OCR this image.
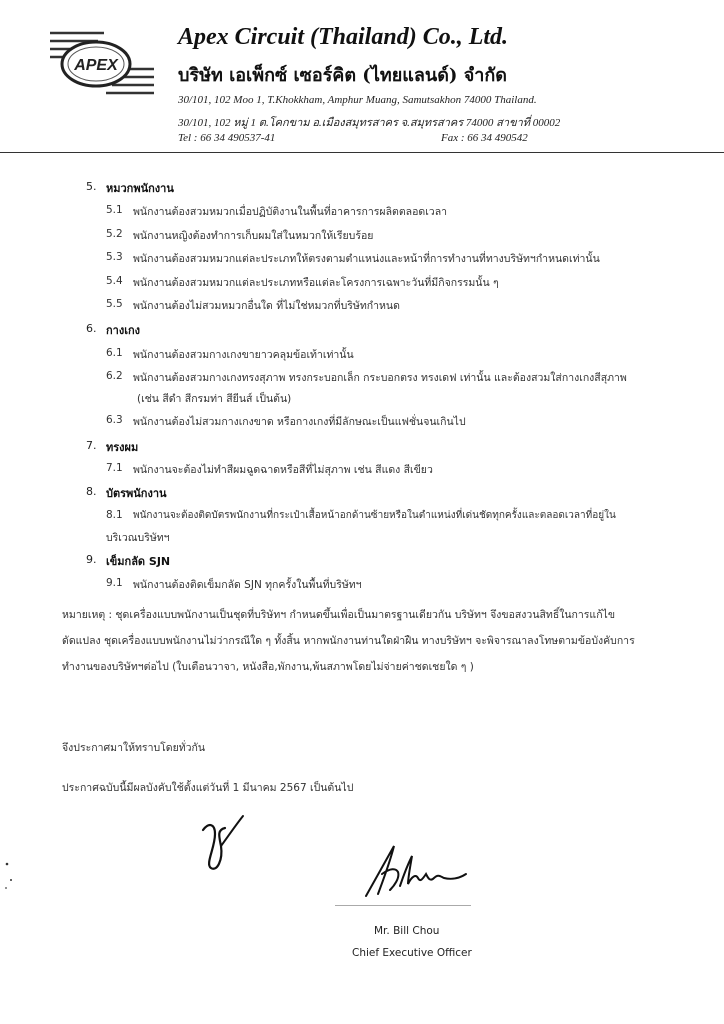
APEX
Apex Circuit (Thailand) Co., Ltd.
บริษัท เอเพ็กซ์ เซอร์คิต (ไทยแลนด์) จำกัด
30/101, 102 Moo 1, T.Khokkham, Amphur Muang, Samutsakhon 74000 Thailand.
30/101, 102 หมู่ 1 ต.โคกขาม อ.เมืองสมุทรสาคร จ.สมุทรสาคร 74000 สาขาที่ 00002
Tel : 66 34 490537-41	Fax : 66 34 490542
5. หมวกพนักงาน
5.1 พนักงานต้องสวมหมวกเมื่อปฏิบัติงานในพื้นที่อาคารการผลิตตลอดเวลา
5.2 พนักงานหญิงต้องทำการเก็บผมใส่ในหมวกให้เรียบร้อย
5.3 พนักงานต้องสวมหมวกแต่ละประเภทให้ตรงตามตำแหน่งและหน้าที่การทำงานที่ทางบริษัทฯกำหนดเท่านั้น
5.4 พนักงานต้องสวมหมวกแต่ละประเภทหรือแต่ละโครงการเฉพาะวันที่มีกิจกรรมนั้น ๆ
5.5 พนักงานต้องไม่สวมหมวกอื่นใด ที่ไม่ใช่หมวกที่บริษัทกำหนด
6. กางเกง
6.1 พนักงานต้องสวมกางเกงขายาวคลุมข้อเท้าเท่านั้น
6.2 พนักงานต้องสวมกางเกงทรงสุภาพ ทรงกระบอกเล็ก กระบอกตรง ทรงเดฟ เท่านั้น และต้องสวมใส่กางเกงสีสุภาพ
(เช่น สีดำ สีกรมท่า สียีนส์ เป็นต้น)
6.3 พนักงานต้องไม่สวมกางเกงขาด หรือกางเกงที่มีลักษณะเป็นแฟชั่นจนเกินไป
7. ทรงผม
7.1 พนักงานจะต้องไม่ทำสีผมฉูดฉาดหรือสีที่ไม่สุภาพ เช่น สีแดง สีเขียว
8. บัตรพนักงาน
8.1 พนักงานจะต้องติดบัตรพนักงานที่กระเป๋าเสื้อหน้าอกด้านซ้ายหรือในตำแหน่งที่เด่นชัดทุกครั้งและตลอดเวลาที่อยู่ใน
บริเวณบริษัทฯ
9. เข็มกลัด SJN
9.1 พนักงานต้องติดเข็มกลัด SJN ทุกครั้งในพื้นที่บริษัทฯ
หมายเหตุ : ชุดเครื่องแบบพนักงานเป็นชุดที่บริษัทฯ กำหนดขึ้นเพื่อเป็นมาตรฐานเดียวกัน บริษัทฯ จึงขอสงวนสิทธิ์ในการแก้ไข
ดัดแปลง ชุดเครื่องแบบพนักงานไม่ว่ากรณีใด ๆ ทั้งสิ้น หากพนักงานท่านใดฝ่าฝืน ทางบริษัทฯ จะพิจารณาลงโทษตามข้อบังคับการ
ทำงานของบริษัทฯต่อไป (ใบเตือนวาจา, หนังสือ,พักงาน,พ้นสภาพโดยไม่จ่ายค่าชดเชยใด ๆ )
จึงประกาศมาให้ทราบโดยทั่วกัน
ประกาศฉบับนี้มีผลบังคับใช้ตั้งแต่วันที่ 1 มีนาคม 2567 เป็นต้นไป
Mr. Bill Chou
Chief Executive Officer
